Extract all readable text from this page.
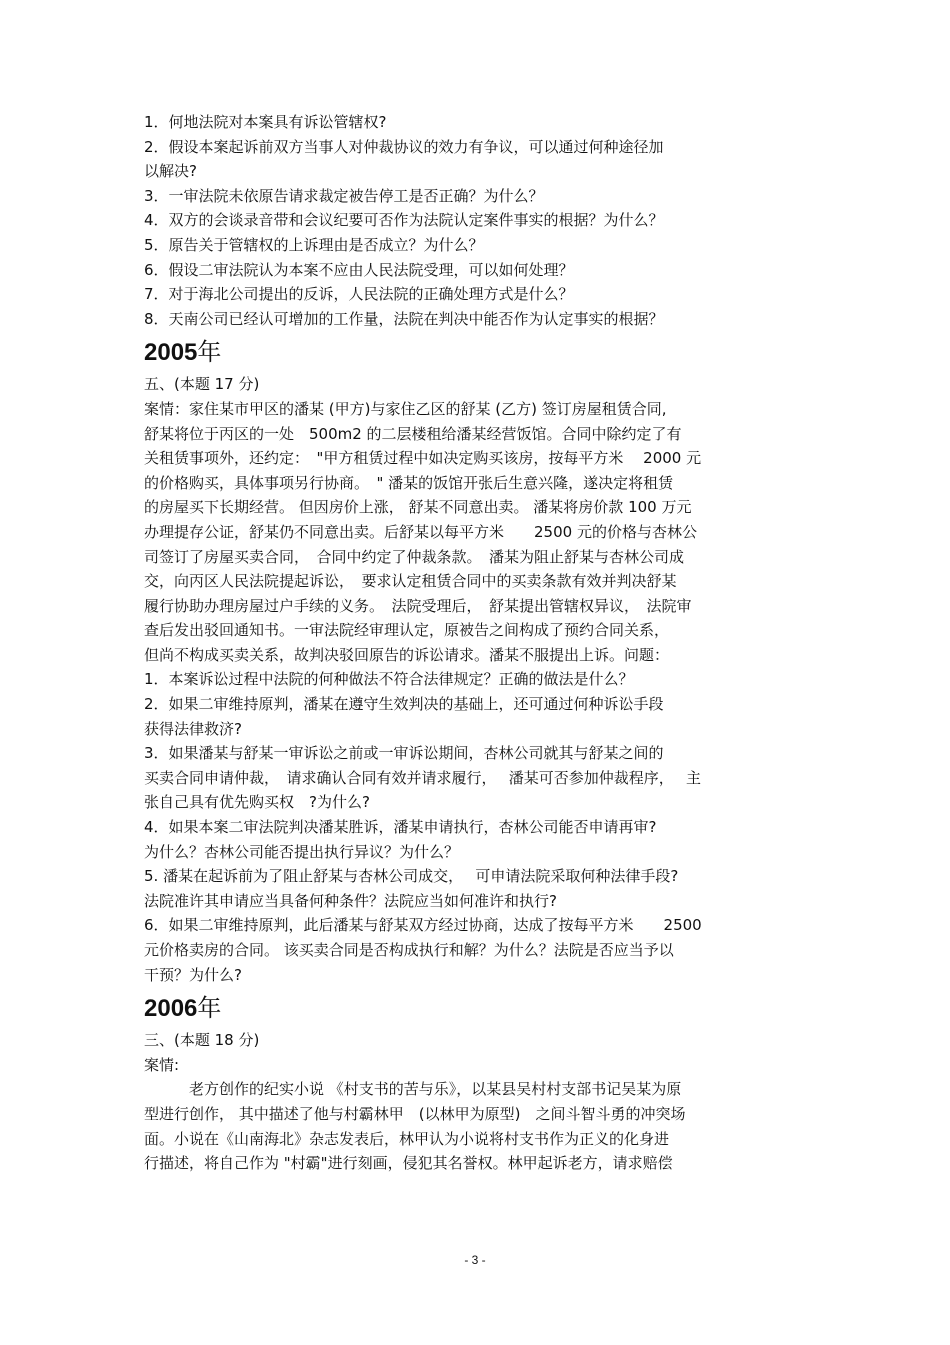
1．何地法院对本案具有诉讼管辖权?
2．假设本案起诉前双方当事人对仲裁协议的效力有争议，可以通过何种途径加
以解决?
3．一审法院未依原告请求裁定被告停工是否正确？为什么？
4．双方的会谈录音带和会议纪要可否作为法院认定案件事实的根据？为什么？
5．原告关于管辖权的上诉理由是否成立？为什么？
6．假设二审法院认为本案不应由人民法院受理，可以如何处理？
7．对于海北公司提出的反诉，人民法院的正确处理方式是什么？
8．天南公司已经认可增加的工作量，法院在判决中能否作为认定事实的根据？
2005年
五、(本题 17 分)
案情：家住某市甲区的潘某 (甲方)与家住乙区的舒某 (乙方) 签订房屋租赁合同,
舒某将位于丙区的一处　500m2 的二层楼租给潘某经营饭馆。合同中除约定了有
关租赁事项外，还约定：　"甲方租赁过程中如决定购买该房，按每平方米　 2000 元
的价格购买，具体事项另行协商。　" 潘某的饭馆开张后生意兴隆，遂决定将租赁
的房屋买下长期经营。 但因房价上涨， 舒某不同意出卖。 潘某将房价款 100 万元
办理提存公证，舒某仍不同意出卖。后舒某以每平方米　　2500 元的价格与杏林公
司签订了房屋买卖合同，　合同中约定了仲裁条款。　潘某为阻止舒某与杏林公司成
交，向丙区人民法院提起诉讼，　要求认定租赁合同中的买卖条款有效并判决舒某
履行协助办理房屋过户手续的义务。　法院受理后，　舒某提出管辖权异议，　法院审
查后发出驳回通知书。一审法院经审理认定，原被告之间构成了预约合同关系，
但尚不构成买卖关系，故判决驳回原告的诉讼请求。潘某不服提出上诉。问题：
1．本案诉讼过程中法院的何种做法不符合法律规定？正确的做法是什么？
2．如果二审维持原判，潘某在遵守生效判决的基础上，还可通过何种诉讼手段
获得法律救济?
3．如果潘某与舒某一审诉讼之前或一审诉讼期间，杏林公司就其与舒某之间的
买卖合同申请仲裁，　请求确认合同有效并请求履行，　 潘某可否参加仲裁程序，　 主
张自己具有优先购买权　?为什么?
4．如果本案二审法院判决潘某胜诉，潘某申请执行，杏林公司能否申请再审?
为什么？杏林公司能否提出执行异议？为什么？
5. 潘某在起诉前为了阻止舒某与杏林公司成交，　 可申请法院采取何种法律手段?
法院准许其申请应当具备何种条件？法院应当如何准许和执行?
6．如果二审维持原判，此后潘某与舒某双方经过协商，达成了按每平方米　　2500
元价格卖房的合同。 该买卖合同是否构成执行和解？为什么？法院是否应当予以
干预？为什么?
2006年
三、(本题 18 分)
案情:
老方创作的纪实小说 《村支书的苦与乐》，以某县吴村村支部书记吴某为原
型进行创作， 其中描述了他与村霸林甲　(以林甲为原型)　之间斗智斗勇的冲突场
面。小说在《山南海北》杂志发表后，林甲认为小说将村支书作为正义的化身进
行描述，将自己作为 "村霸"进行刻画，侵犯其名誉权。林甲起诉老方，请求赔偿
- 3 -
